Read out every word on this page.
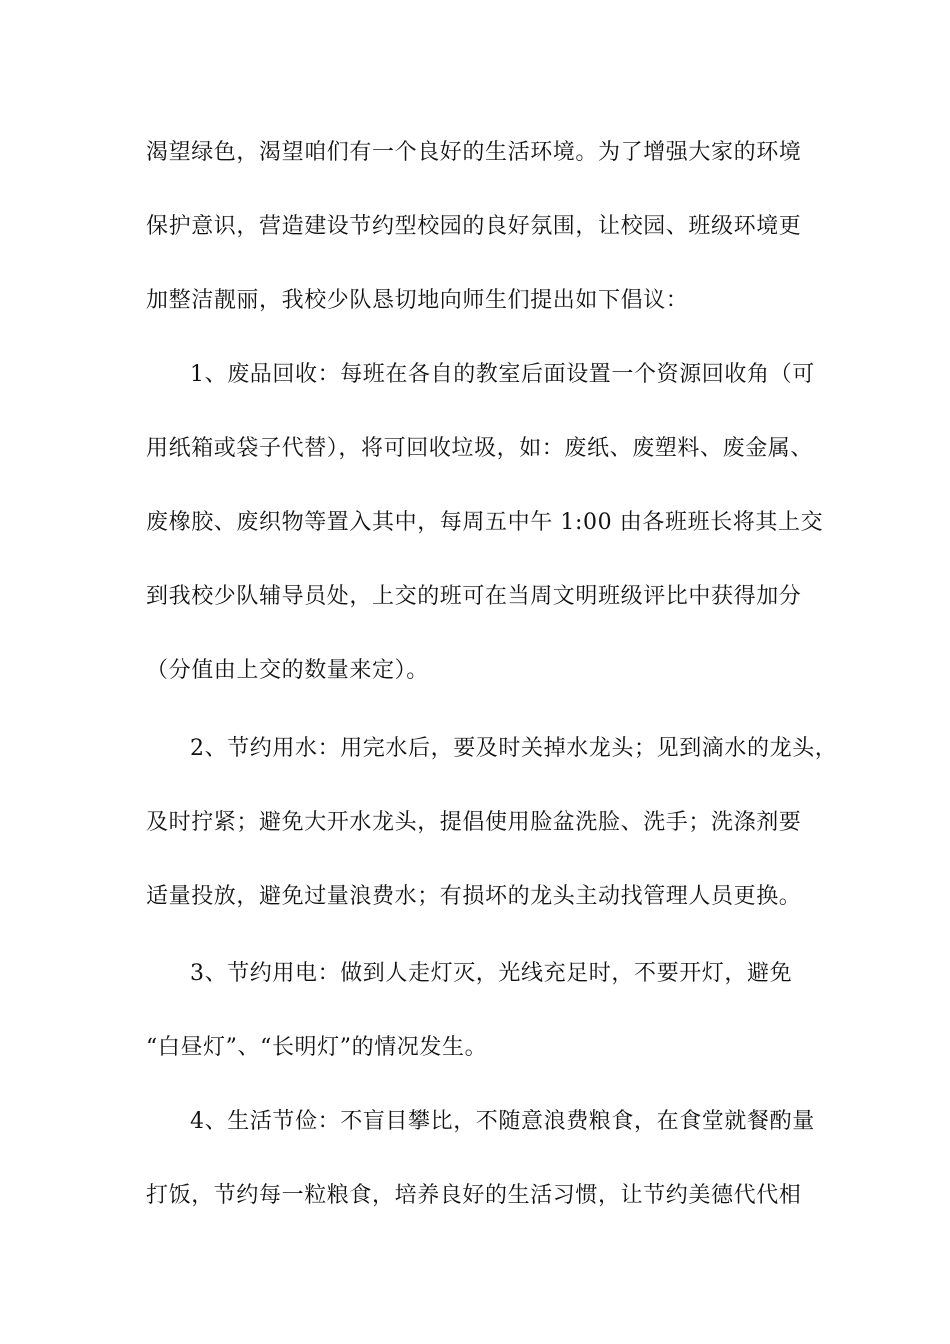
渴望绿色，渴望咱们有一个良好的生活环境。为了增强大家的环境
保护意识，营造建设节约型校园的良好氛围，让校园、班级环境更
加整洁靓丽，我校少队恳切地向师生们提出如下倡议：
1、废品回收：每班在各自的教室后面设置一个资源回收角（可
用纸箱或袋子代替），将可回收垃圾，如：废纸、废塑料、废金属、
废橡胶、废织物等置入其中，每周五中午 1:00 由各班班长将其上交
到我校少队辅导员处，上交的班可在当周文明班级评比中获得加分
（分值由上交的数量来定）。
2、节约用水：用完水后，要及时关掉水龙头；见到滴水的龙头，
及时拧紧；避免大开水龙头，提倡使用脸盆洗脸、洗手；洗涤剂要
适量投放，避免过量浪费水；有损坏的龙头主动找管理人员更换。
3、节约用电：做到人走灯灭，光线充足时，不要开灯，避免
“白昼灯”、“长明灯”的情况发生。
4、生活节俭：不盲目攀比，不随意浪费粮食，在食堂就餐酌量
打饭，节约每一粒粮食，培养良好的生活习惯，让节约美德代代相
